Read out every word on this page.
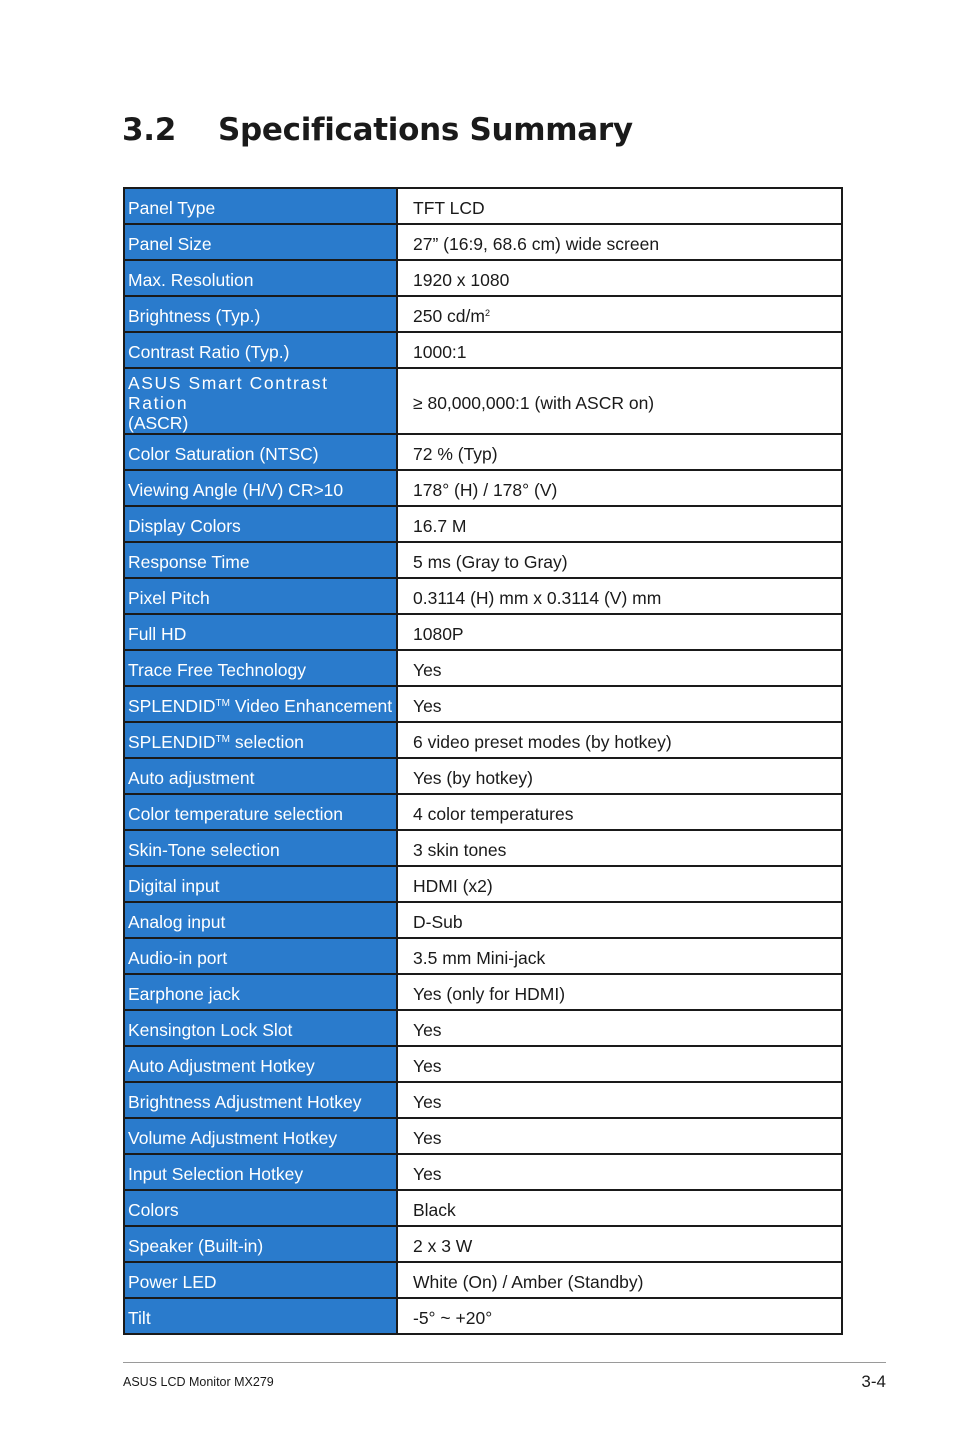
3.2 Specifications Summary
Panel Type	TFT LCD
Panel Size	27” (16:9, 68.6 cm) wide screen
Max. Resolution	1920 x 1080
Brightness (Typ.)	250 $cd/m^2$
Contrast Ratio (Typ.)	1000:1
ASUS Smart Contrast Ration
(ASCR)	≥ 80,000,000:1 (with ASCR on)
Color Saturation (NTSC)	72 % (Typ)
Viewing Angle (H/V) CR>10	178° (H) / 178° (V)
Display Colors	16.7 M
Response Time	5 ms (Gray to Gray)
Pixel Pitch	0.3114 (H) mm x 0.3114 (V) mm
Full HD	1080P
Trace Free Technology	Yes
SPLENDID™ Video Enhancement	Yes
SPLENDID™ selection	6 video preset modes (by hotkey)
Auto adjustment	Yes (by hotkey)
Color temperature selection	4 color temperatures
Skin-Tone selection	3 skin tones
Digital input	HDMI (x2)
Analog input	D-Sub
Audio-in port	3.5 mm Mini-jack
Earphone jack	Yes (only for HDMI)
Kensington Lock Slot	Yes
Auto Adjustment Hotkey	Yes
Brightness Adjustment Hotkey	Yes
Volume Adjustment Hotkey	Yes
Input Selection Hotkey	Yes
Colors	Black
Speaker (Built-in)	2 x 3 W
Power LED	White (On) / Amber (Standby)
Tilt	-5° ~ +20°
ASUS LCD Monitor MX279	3-4
